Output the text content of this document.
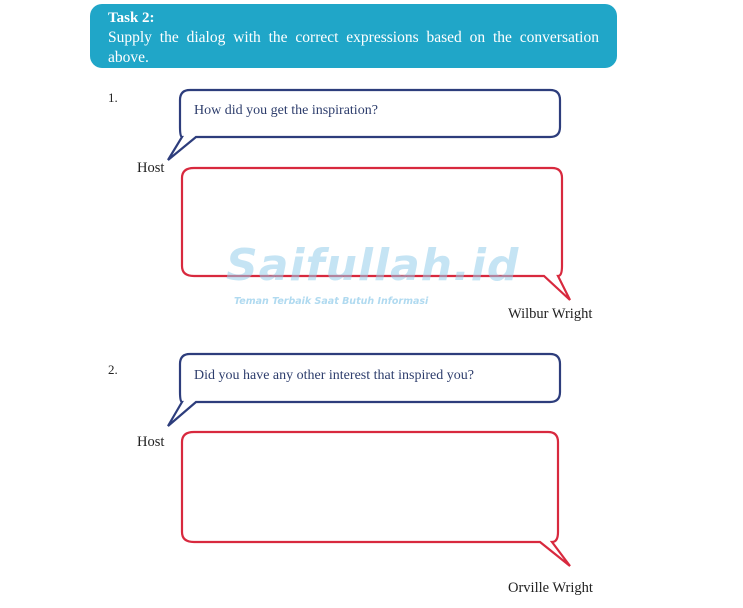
Task 2:
Supply the dialog with the correct expressions based on the conversation above.
Saifullah.id
Teman Terbaik Saat Butuh Informasi
1.
How did you get the inspiration?
Host
Wilbur Wright
2.	Did you have any other interest that inspired you?
Host
Orville Wright
